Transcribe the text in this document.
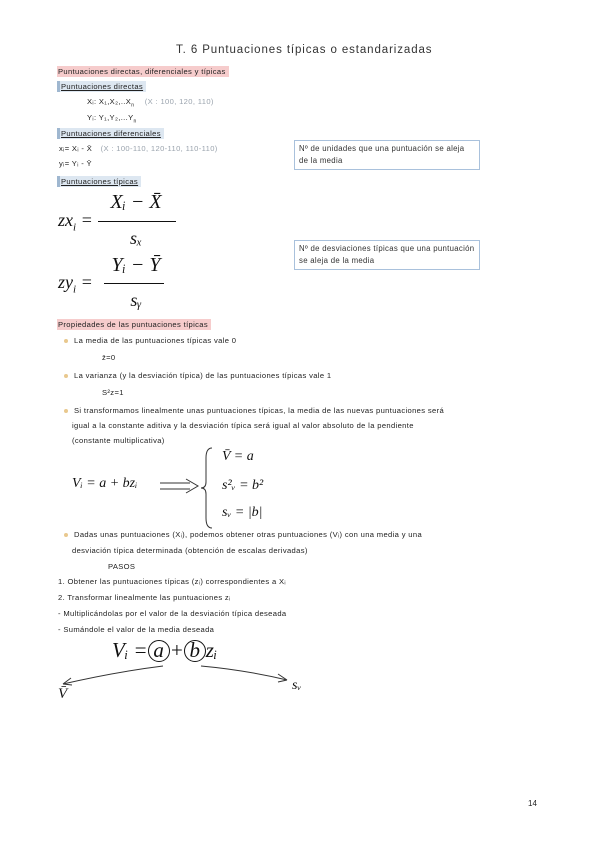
T. 6 Puntuaciones típicas o estandarizadas
Puntuaciones directas, diferenciales y típicas
Puntuaciones directas
Xᵢ: $X_1,X_2,..X_n$ (X : 100, 120, 110)
Yᵢ: $Y_1,Y_2,...Y_n$
Puntuaciones diferenciales
xᵢ= Xᵢ - X̄ (X : 100-110, 120-110, 110-110)
yᵢ= Yᵢ - Ȳ
Nº de unidades que una puntuación se aleja de la media
Puntuaciones típicas
$zx_i$ =
Xᵢ − X̄
sₓ
$zy_i$ =
Yᵢ − Ȳ
sᵧ
Nº de desviaciones típicas que una puntuación se aleja de la media
Propiedades de las puntuaciones típicas
La media de las puntuaciones típicas vale 0
z̄=0
La varianza (y la desviación típica) de las puntuaciones típicas vale 1
S²z=1
Si transformamos linealmente unas puntuaciones típicas, la media de las nuevas puntuaciones será
igual a la constante aditiva y la desviación típica será igual al valor absoluto de la pendiente
(constante multiplicativa)
Vᵢ = a + bzᵢ
V̄ = a
s²ᵥ = b²
sᵥ = |b|
Dadas unas puntuaciones (Xᵢ), podemos obtener otras puntuaciones (Vᵢ) con una media y una
desviación típica determinada (obtención de escalas derivadas)
PASOS
1. Obtener las puntuaciones típicas (zᵢ) correspondientes a Xᵢ
2. Transformar linealmente las puntuaciones zᵢ
- Multiplicándolas por el valor de la desviación típica deseada
- Sumándole el valor de la media deseada
Vᵢ = a + b zᵢ
V̄
sᵥ
14
